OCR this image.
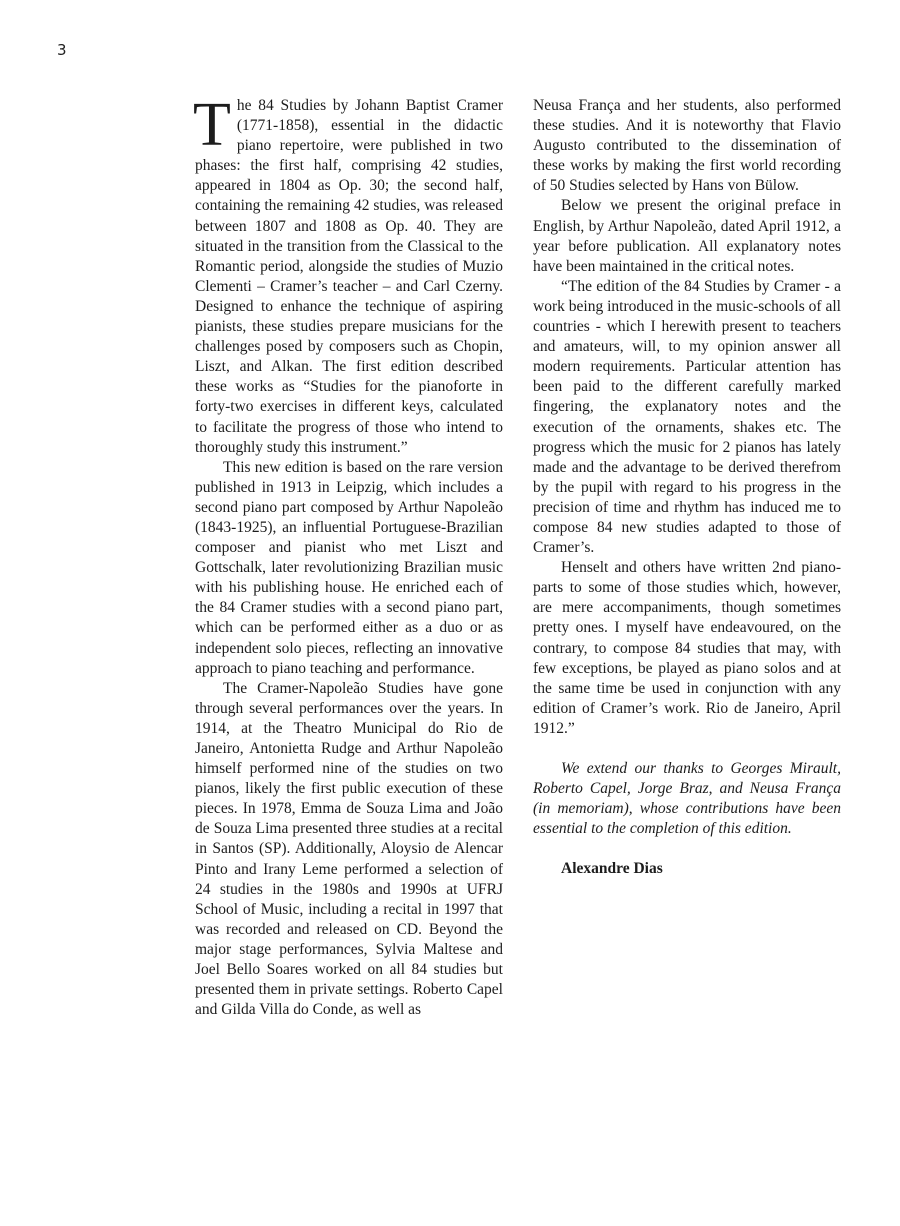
3

The 84 Studies by Johann Baptist Cramer (1771-1858), essential in the didactic piano repertoire, were published in two phases: the first half, comprising 42 studies, appeared in 1804 as Op. 30; the second half, containing the remaining 42 studies, was released between 1807 and 1808 as Op. 40. They are situated in the transition from the Classical to the Romantic period, alongside the studies of Muzio Clementi – Cramer’s teacher – and Carl Czerny. Designed to enhance the technique of aspiring pianists, these studies prepare musicians for the challenges posed by composers such as Chopin, Liszt, and Alkan. The first edition described these works as “Studies for the pianoforte in forty-two exercises in different keys, calculated to facilitate the progress of those who intend to thoroughly study this instrument.”

This new edition is based on the rare version published in 1913 in Leipzig, which includes a second piano part composed by Arthur Napoleão (1843-1925), an influential Portuguese-Brazilian composer and pianist who met Liszt and Gottschalk, later revolutionizing Brazilian music with his publishing house. He enriched each of the 84 Cramer studies with a second piano part, which can be performed either as a duo or as independent solo pieces, reflecting an innovative approach to piano teaching and performance.

The Cramer-Napoleão Studies have gone through several performances over the years. In 1914, at the Theatro Municipal do Rio de Janeiro, Antonietta Rudge and Arthur Napoleão himself performed nine of the studies on two pianos, likely the first public execution of these pieces. In 1978, Emma de Souza Lima and João de Souza Lima presented three studies at a recital in Santos (SP). Additionally, Aloysio de Alencar Pinto and Irany Leme performed a selection of 24 studies in the 1980s and 1990s at UFRJ School of Music, including a recital in 1997 that was recorded and released on CD. Beyond the major stage performances, Sylvia Maltese and Joel Bello Soares worked on all 84 studies but presented them in private settings. Roberto Capel and Gilda Villa do Conde, as well as

Neusa França and her students, also performed these studies. And it is noteworthy that Flavio Augusto contributed to the dissemination of these works by making the first world recording of 50 Studies selected by Hans von Bülow.

Below we present the original preface in English, by Arthur Napoleão, dated April 1912, a year before publication. All explanatory notes have been maintained in the critical notes.

“The edition of the 84 Studies by Cramer - a work being introduced in the music-schools of all countries - which I herewith present to teachers and amateurs, will, to my opinion answer all modern requirements. Particular attention has been paid to the different carefully marked fingering, the explanatory notes and the execution of the ornaments, shakes etc. The progress which the music for 2 pianos has lately made and the advantage to be derived therefrom by the pupil with regard to his progress in the precision of time and rhythm has induced me to compose 84 new studies adapted to those of Cramer’s.

Henselt and others have written 2nd piano-parts to some of those studies which, however, are mere accompaniments, though sometimes pretty ones. I myself have endeavoured, on the contrary, to compose 84 studies that may, with few exceptions, be played as piano solos and at the same time be used in conjunction with any edition of Cramer’s work. Rio de Janeiro, April 1912.”

We extend our thanks to Georges Mirault, Roberto Capel, Jorge Braz, and Neusa França (in memoriam), whose contributions have been essential to the completion of this edition.

Alexandre Dias
